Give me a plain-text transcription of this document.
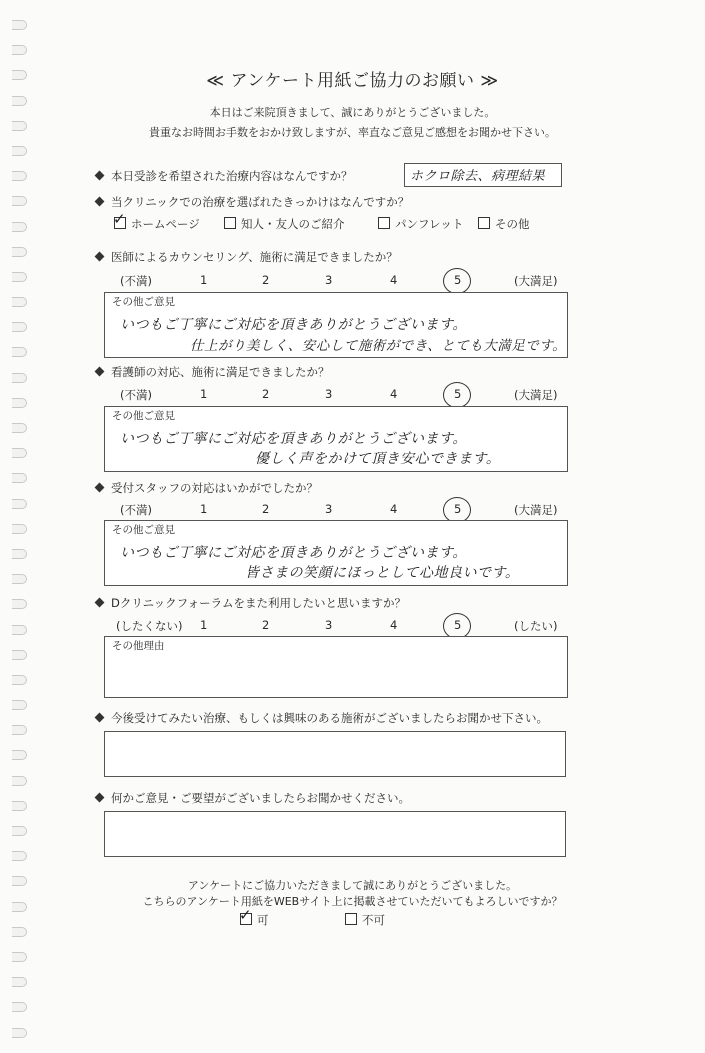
≪ アンケート用紙ご協力のお願い ≫
本日はご来院頂きまして、誠にありがとうございました。
貴重なお時間お手数をおかけ致しますが、率直なご意見ご感想をお聞かせ下さい。
本日受診を希望された治療内容はなんですか？	ホクロ除去、病理結果
当クリニックでの治療を選ばれたきっかけはなんですか？
✓ ホームページ	知人・友人のご紹介	パンフレット	その他
医師によるカウンセリング、施術に満足できましたか？
(不満)	1	2	3	4	5	(大満足)
その他ご意見
いつもご丁寧にご対応を頂きありがとうございます。
仕上がり美しく、安心して施術ができ、とても大満足です。
看護師の対応、施術に満足できましたか？
(不満)	1	2	3	4	5	(大満足)
その他ご意見
いつもご丁寧にご対応を頂きありがとうございます。
優しく声をかけて頂き安心できます。
受付スタッフの対応はいかがでしたか？
(不満)	1	2	3	4	5	(大満足)
その他ご意見
いつもご丁寧にご対応を頂きありがとうございます。
皆さまの笑顔にほっとして心地良いです。
Dクリニックフォーラムをまた利用したいと思いますか？
(したくない) 1	2	3	4	5	(したい)
その他理由
今後受けてみたい治療、もしくは興味のある施術がございましたらお聞かせ下さい。
何かご意見・ご要望がございましたらお聞かせください。
アンケートにご協力いただきまして誠にありがとうございました。
こちらのアンケート用紙をWEBサイト上に掲載させていただいてもよろしいですか？
✓ 可	不可
